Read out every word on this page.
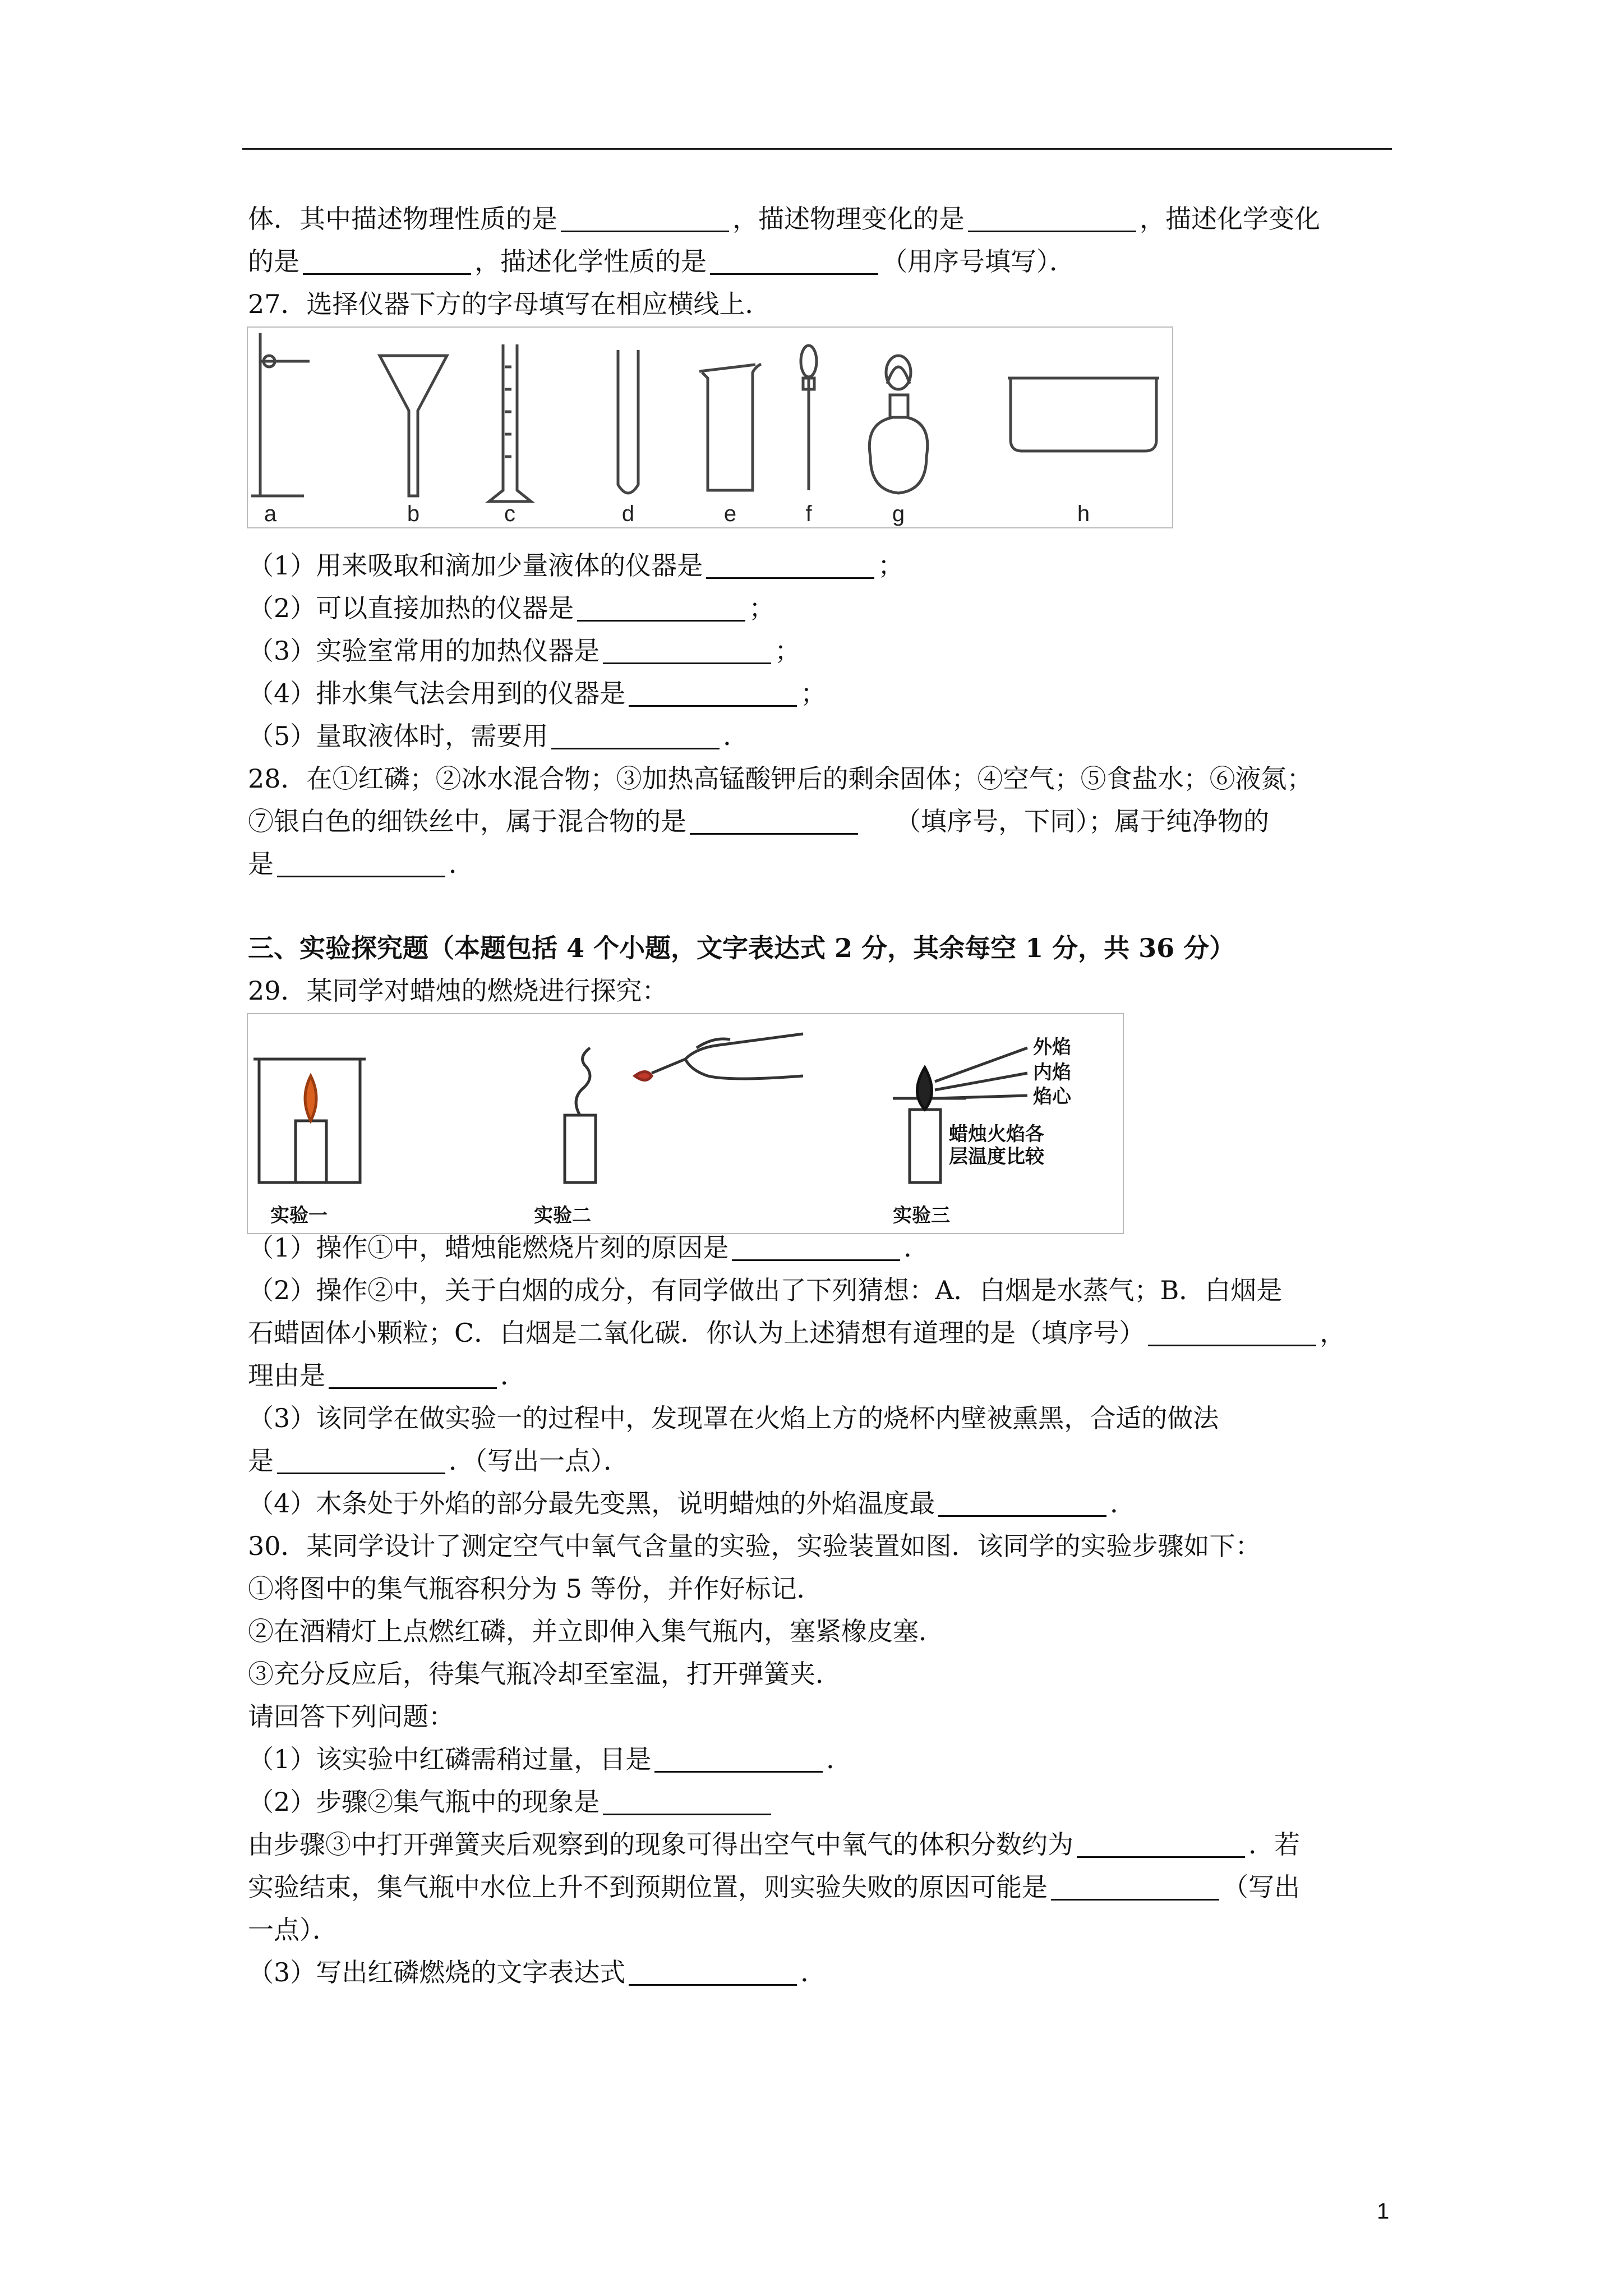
体．其中描述物理性质的是	，描述物理变化的是	，描述化学变化
的是	，描述化学性质的是	（用序号填写）．
27．选择仪器下方的字母填写在相应横线上．
a	b	c	d	e	f	g	h
（1）用来吸取和滴加少量液体的仪器是	；
（2）可以直接加热的仪器是	；
（3）实验室常用的加热仪器是	；
（4）排水集气法会用到的仪器是	；
（5）量取液体时，需要用	．
28．在①红磷；②冰水混合物；③加热高锰酸钾后的剩余固体；④空气；⑤食盐水；⑥液氮；
⑦银白色的细铁丝中，属于混合物的是	（填序号，下同）；属于纯净物的
是	．
三、实验探究题（本题包括 4 个小题，文字表达式 2 分，其余每空 1 分，共 36 分）
29．某同学对蜡烛的燃烧进行探究：
外焰
内焰
焰心
蜡烛火焰各
层温度比较
实验一	实验二	实验三
（1）操作①中，蜡烛能燃烧片刻的原因是	．
（2）操作②中，关于白烟的成分，有同学做出了下列猜想：A．白烟是水蒸气；B．白烟是
石蜡固体小颗粒；C．白烟是二氧化碳．你认为上述猜想有道理的是（填序号）	，
理由是	．
（3）该同学在做实验一的过程中，发现罩在火焰上方的烧杯内壁被熏黑，合适的做法
是	．（写出一点）．
（4）木条处于外焰的部分最先变黑，说明蜡烛的外焰温度最	．
30．某同学设计了测定空气中氧气含量的实验，实验装置如图．该同学的实验步骤如下：
①将图中的集气瓶容积分为 5 等份，并作好标记．
②在酒精灯上点燃红磷，并立即伸入集气瓶内，塞紧橡皮塞．
③充分反应后，待集气瓶冷却至室温，打开弹簧夹．
请回答下列问题：
（1）该实验中红磷需稍过量，目是	．
（2）步骤②集气瓶中的现象是
由步骤③中打开弹簧夹后观察到的现象可得出空气中氧气的体积分数约为	．若
实验结束，集气瓶中水位上升不到预期位置，则实验失败的原因可能是	（写出
一点）．
（3）写出红磷燃烧的文字表达式	．
1
